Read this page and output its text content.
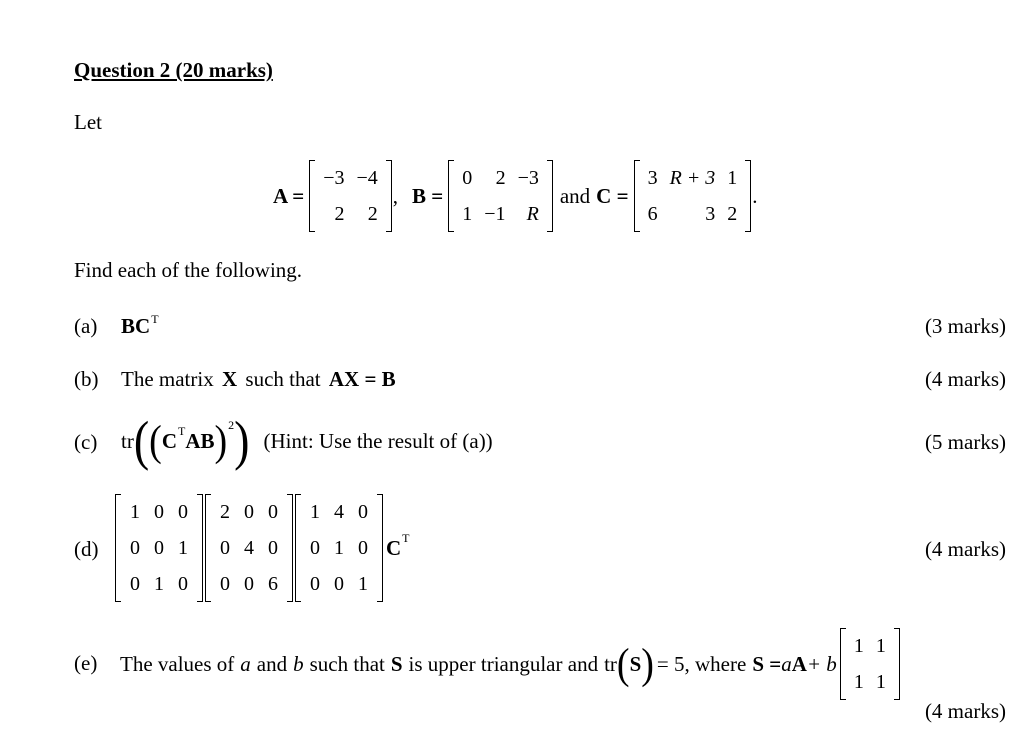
Question 2 (20 marks)
Let
A =
−3	−4
2	2
, B =
0	2	−3
1	−1	R
and C =
3	R + 3	1
6	3	2
.
Find each of the following.
(a) $BC^T$	(3 marks)
(b) The matrix X such that AX = B	(4 marks)
(c) tr ( ( $C^T$ AB )$^2$ ) (Hint: Use the result of (a))	(5 marks)
(d)
1	0	0
0	0	1
0	1	0
2	0	0
0	4	0
0	0	6
1	4	0
0	1	0
0	0	1
$C^T$	(4 marks)
(e) The values of a and b such that S is upper triangular and tr ( S ) = 5, where S = a A + b
1	1
1	1
(4 marks)
